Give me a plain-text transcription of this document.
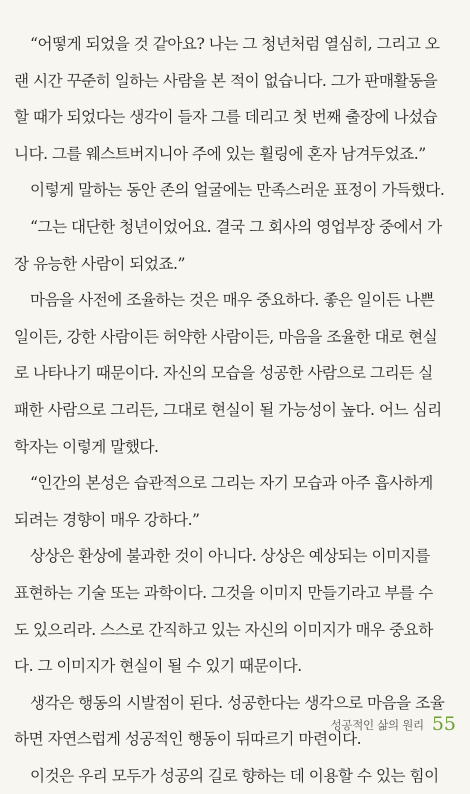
“어떻게 되었을 것 같아요? 나는 그 청년처럼 열심히, 그리고 오
랜 시간 꾸준히 일하는 사람을 본 적이 없습니다. 그가 판매활동을
할 때가 되었다는 생각이 들자 그를 데리고 첫 번째 출장에 나섰습
니다. 그를 웨스트버지니아 주에 있는 휠링에 혼자 남겨두었죠.”
이렇게 말하는 동안 존의 얼굴에는 만족스러운 표정이 가득했다.
“그는 대단한 청년이었어요. 결국 그 회사의 영업부장 중에서 가
장 유능한 사람이 되었죠.”
마음을 사전에 조율하는 것은 매우 중요하다. 좋은 일이든 나쁜
일이든, 강한 사람이든 허약한 사람이든, 마음을 조율한 대로 현실
로 나타나기 때문이다. 자신의 모습을 성공한 사람으로 그리든 실
패한 사람으로 그리든, 그대로 현실이 될 가능성이 높다. 어느 심리
학자는 이렇게 말했다.
“인간의 본성은 습관적으로 그리는 자기 모습과 아주 흡사하게
되려는 경향이 매우 강하다.”
상상은 환상에 불과한 것이 아니다. 상상은 예상되는 이미지를
표현하는 기술 또는 과학이다. 그것을 이미지 만들기라고 부를 수
도 있으리라. 스스로 간직하고 있는 자신의 이미지가 매우 중요하
다. 그 이미지가 현실이 될 수 있기 때문이다.
생각은 행동의 시발점이 된다. 성공한다는 생각으로 마음을 조율
하면 자연스럽게 성공적인 행동이 뒤따르기 마련이다.
이것은 우리 모두가 성공의 길로 향하는 데 이용할 수 있는 힘이
성공적인 삶의 원리 55
